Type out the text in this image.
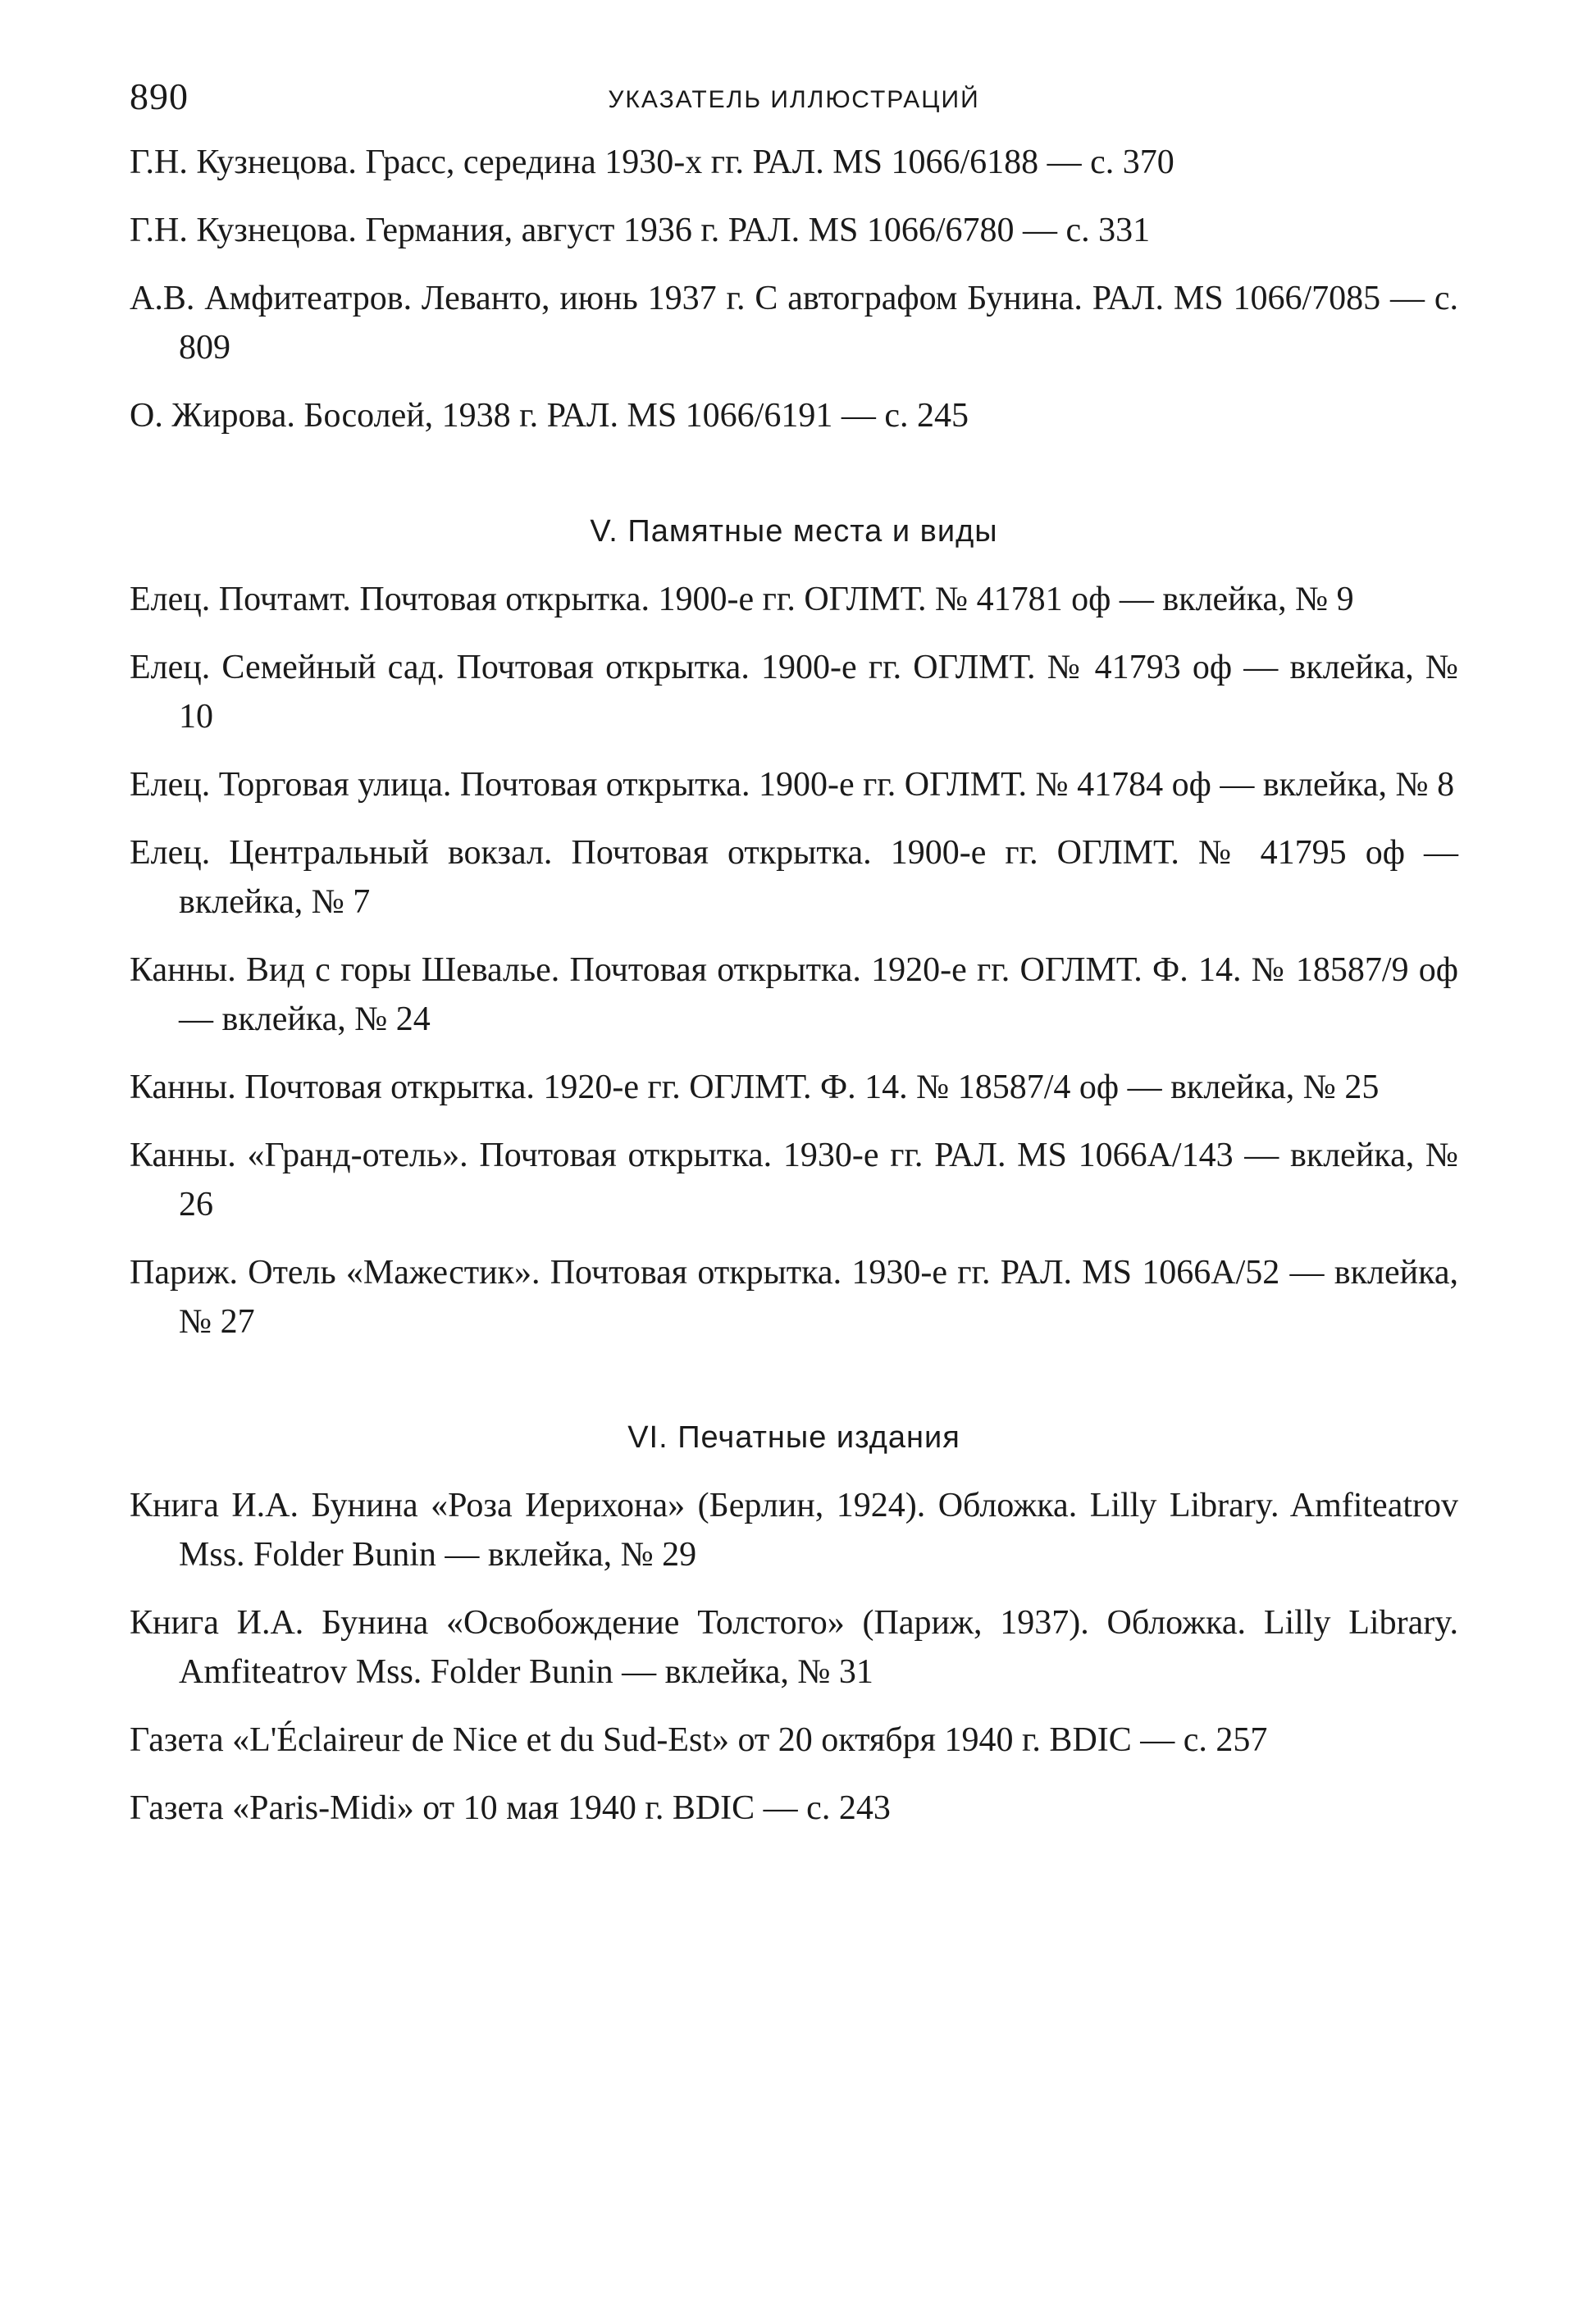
890	УКАЗАТЕЛЬ ИЛЛЮСТРАЦИЙ

Г.Н. Кузнецова. Грасс, середина 1930-х гг. РАЛ. MS 1066/6188 — с. 370

Г.Н. Кузнецова. Германия, август 1936 г. РАЛ. MS 1066/6780 — с. 331

А.В. Амфитеатров. Леванто, июнь 1937 г. С автографом Бунина. РАЛ. MS 1066/7085 — с. 809

О. Жирова. Босолей, 1938 г. РАЛ. MS 1066/6191 — с. 245

V. Памятные места и виды

Елец. Почтамт. Почтовая открытка. 1900-е гг. ОГЛМТ. № 41781 оф — вклейка, № 9

Елец. Семейный сад. Почтовая открытка. 1900-е гг. ОГЛМТ. № 41793 оф — вклейка, № 10

Елец. Торговая улица. Почтовая открытка. 1900-е гг. ОГЛМТ. № 41784 оф — вклейка, № 8

Елец. Центральный вокзал. Почтовая открытка. 1900-е гг. ОГЛМТ. № 41795 оф — вклейка, № 7

Канны. Вид с горы Шевалье. Почтовая открытка. 1920-е гг. ОГЛМТ. Ф. 14. № 18587/9 оф — вклейка, № 24

Канны. Почтовая открытка. 1920-е гг. ОГЛМТ. Ф. 14. № 18587/4 оф — вклейка, № 25

Канны. «Гранд-отель». Почтовая открытка. 1930-е гг. РАЛ. MS 1066A/143 — вклейка, № 26

Париж. Отель «Мажестик». Почтовая открытка. 1930-е гг. РАЛ. MS 1066A/52 — вклейка, № 27

VI. Печатные издания

Книга И.А. Бунина «Роза Иерихона» (Берлин, 1924). Обложка. Lilly Library. Amfiteatrov Mss. Folder Bunin — вклейка, № 29

Книга И.А. Бунина «Освобождение Толстого» (Париж, 1937). Обложка. Lilly Library. Amfiteatrov Mss. Folder Bunin — вклейка, № 31

Газета «L'Éclaireur de Nice et du Sud-Est» от 20 октября 1940 г. BDIC — с. 257

Газета «Paris-Midi» от 10 мая 1940 г. BDIC — с. 243
